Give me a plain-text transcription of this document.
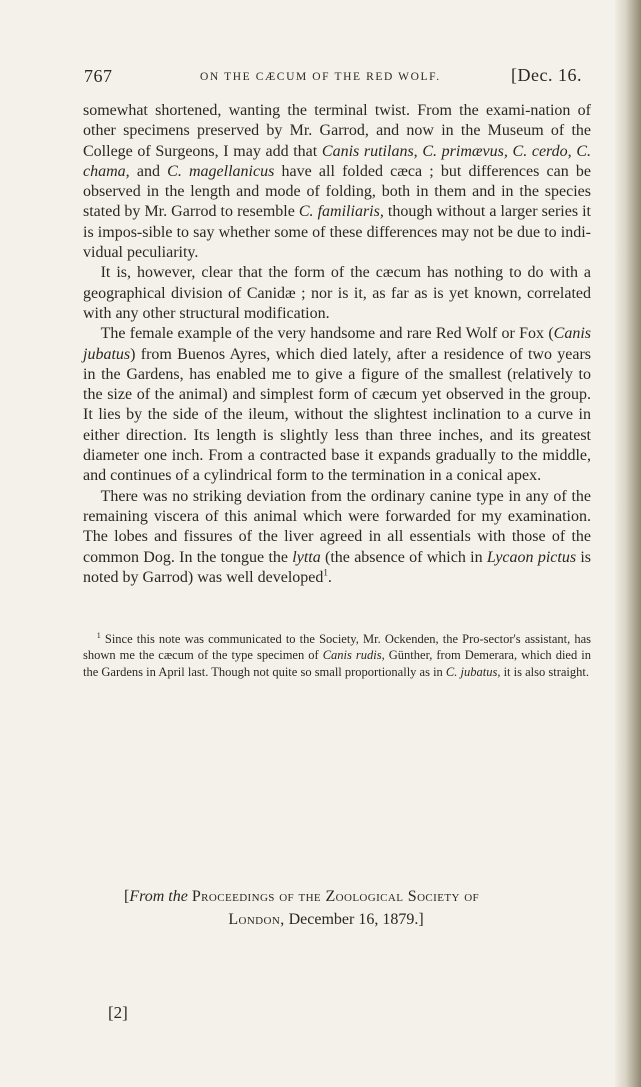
767	ON THE CÆCUM OF THE RED WOLF.	[Dec. 16.

somewhat shortened, wanting the terminal twist. From the exami-nation of other specimens preserved by Mr. Garrod, and now in the Museum of the College of Surgeons, I may add that Canis rutilans, C. primævus, C. cerdo, C. chama, and C. magellanicus have all folded cæca ; but differences can be observed in the length and mode of folding, both in them and in the species stated by Mr. Garrod to resemble C. familiaris, though without a larger series it is impos-sible to say whether some of these differences may not be due to indi-vidual peculiarity.

It is, however, clear that the form of the cæcum has nothing to do with a geographical division of Canidæ ; nor is it, as far as is yet known, correlated with any other structural modification.

The female example of the very handsome and rare Red Wolf or Fox (Canis jubatus) from Buenos Ayres, which died lately, after a residence of two years in the Gardens, has enabled me to give a figure of the smallest (relatively to the size of the animal) and simplest form of cæcum yet observed in the group. It lies by the side of the ileum, without the slightest inclination to a curve in either direction. Its length is slightly less than three inches, and its greatest diameter one inch. From a contracted base it expands gradually to the middle, and continues of a cylindrical form to the termination in a conical apex.

There was no striking deviation from the ordinary canine type in any of the remaining viscera of this animal which were forwarded for my examination. The lobes and fissures of the liver agreed in all essentials with those of the common Dog. In the tongue the lytta (the absence of which in Lycaon pictus is noted by Garrod) was well developed$^1$.

$^1$ Since this note was communicated to the Society, Mr. Ockenden, the Pro-sector's assistant, has shown me the cæcum of the type specimen of Canis rudis, Günther, from Demerara, which died in the Gardens in April last. Though not quite so small proportionally as in C. jubatus, it is also straight.
[From the Proceedings of the Zoological Society of
London, December 16, 1879.]
[2]
